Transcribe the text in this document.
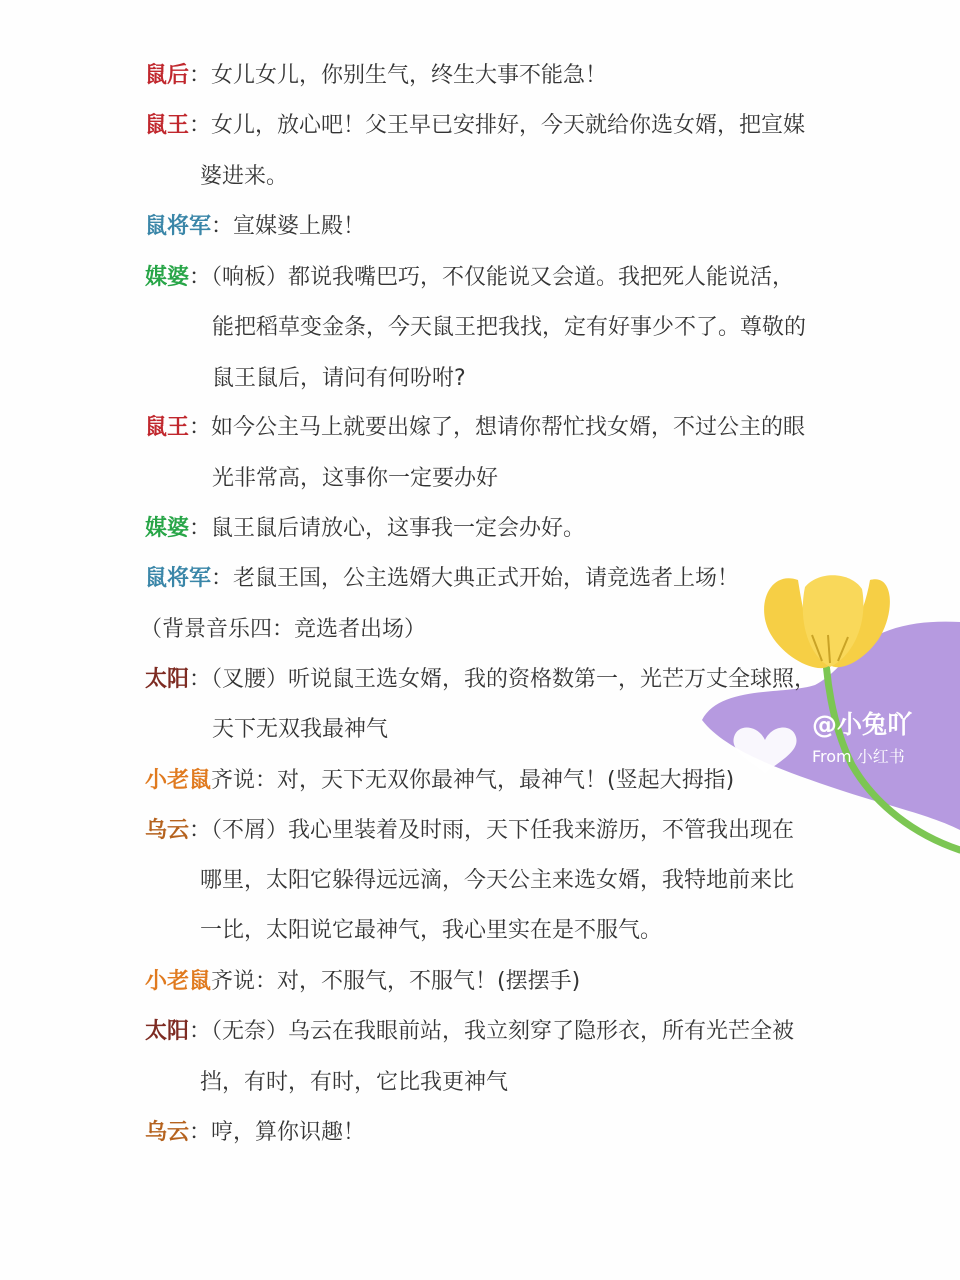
鼠后：女儿女儿，你别生气，终生大事不能急！
鼠王：女儿，放心吧！父王早已安排好，今天就给你选女婿，把宣媒
婆进来。
鼠将军：宣媒婆上殿！
媒婆：（响板）都说我嘴巴巧，不仅能说又会道。我把死人能说活，
能把稻草变金条，今天鼠王把我找，定有好事少不了。尊敬的
鼠王鼠后，请问有何吩咐?
鼠王：如今公主马上就要出嫁了，想请你帮忙找女婿，不过公主的眼
光非常高，这事你一定要办好
媒婆：鼠王鼠后请放心，这事我一定会办好。
鼠将军：老鼠王国，公主选婿大典正式开始，请竞选者上场！
（背景音乐四：竞选者出场）
太阳：（叉腰）听说鼠王选女婿，我的资格数第一，光芒万丈全球照，
天下无双我最神气
小老鼠齐说：对，天下无双你最神气，最神气！(竖起大拇指)
乌云：（不屑）我心里装着及时雨，天下任我来游历，不管我出现在
哪里，太阳它躲得远远滴，今天公主来选女婿，我特地前来比
一比，太阳说它最神气，我心里实在是不服气。
小老鼠齐说：对，不服气，不服气！(摆摆手)
太阳：（无奈）乌云在我眼前站，我立刻穿了隐形衣，所有光芒全被
挡，有时，有时，它比我更神气
乌云：哼，算你识趣！
@小兔吖
From 小红书
